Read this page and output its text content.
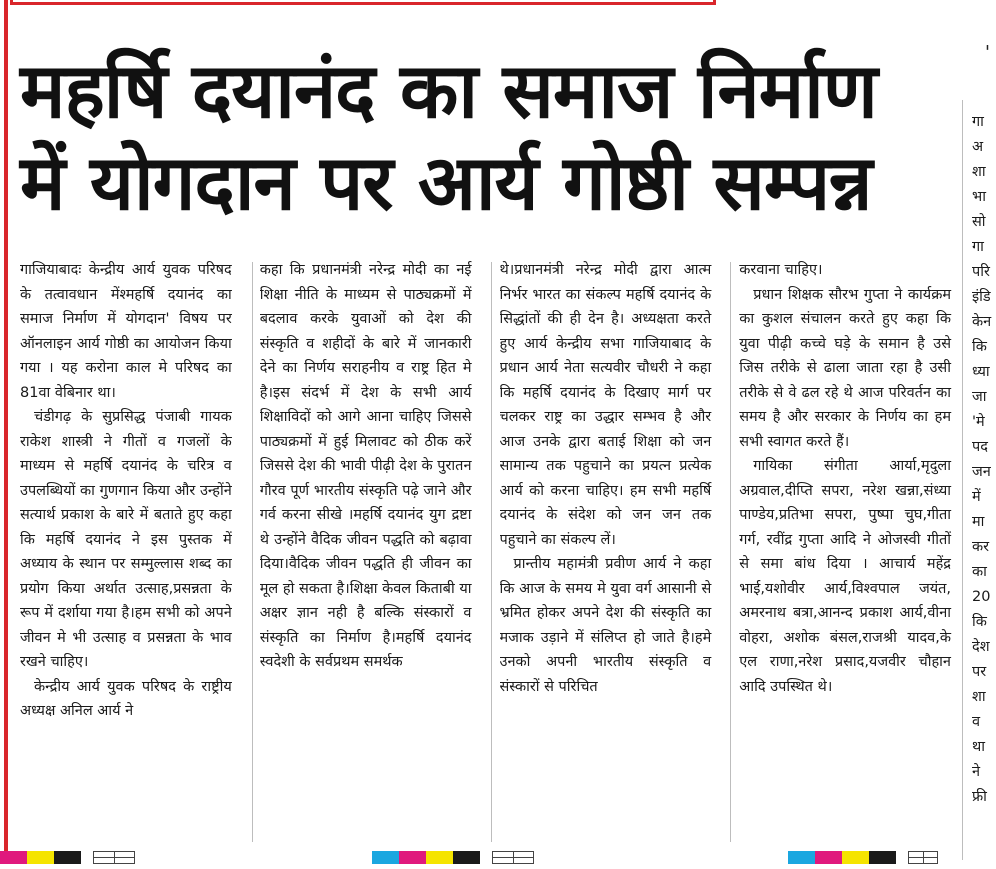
'
महर्षि दयानंद का समाज निर्माण
में योगदान पर आर्य गोष्ठी सम्पन्न

गाजियाबादः केन्द्रीय आर्य युवक परिषद के तत्वावधान मेंश्महर्षि दयानंद का समाज निर्माण में योगदान' विषय पर ऑनलाइन आर्य गोष्ठी का आयोजन किया गया । यह करोना काल मे परिषद का 81वा वेबिनार था।

चंडीगढ़ के सुप्रसिद्ध पंजाबी गायक राकेश शास्त्री ने गीतों व गजलों के माध्यम से महर्षि दयानंद के चरित्र व उपलब्धियों का गुणगान किया और उन्होंने सत्यार्थ प्रकाश के बारे में बताते हुए कहा कि महर्षि दयानंद ने इस पुस्तक में अध्याय के स्थान पर सम्मुल्लास शब्द का प्रयोग किया अर्थात उत्साह,प्रसन्नता के रूप में दर्शाया गया है।हम सभी को अपने जीवन मे भी उत्साह व प्रसन्नता के भाव रखने चाहिए।

केन्द्रीय आर्य युवक परिषद के राष्ट्रीय अध्यक्ष अनिल आर्य ने

कहा कि प्रधानमंत्री नरेन्द्र मोदी का नई शिक्षा नीति के माध्यम से पाठ्यक्रमों में बदलाव करके युवाओं को देश की संस्कृति व शहीदों के बारे में जानकारी देने का निर्णय सराहनीय व राष्ट्र हित मे है।इस संदर्भ में देश के सभी आर्य शिक्षाविदों को आगे आना चाहिए जिससे पाठ्यक्रमों में हुई मिलावट को ठीक करें जिससे देश की भावी पीढ़ी देश के पुरातन गौरव पूर्ण भारतीय संस्कृति पढ़े जाने और गर्व करना सीखे ।महर्षि दयानंद युग द्रष्टा थे उन्होंने वैदिक जीवन पद्धति को बढ़ावा दिया।वैदिक जीवन पद्धति ही जीवन का मूल हो सकता है।शिक्षा केवल किताबी या अक्षर ज्ञान नही है बल्कि संस्कारों व संस्कृति का निर्माण है।महर्षि दयानंद स्वदेशी के सर्वप्रथम समर्थक

थे।प्रधानमंत्री नरेन्द्र मोदी द्वारा आत्म निर्भर भारत का संकल्प महर्षि दयानंद के सिद्धांतों की ही देन है। अध्यक्षता करते हुए आर्य केन्द्रीय सभा गाजियाबाद के प्रधान आर्य नेता सत्यवीर चौधरी ने कहा कि महर्षि दयानंद के दिखाए मार्ग पर चलकर राष्ट्र का उद्धार सम्भव है और आज उनके द्वारा बताई शिक्षा को जन सामान्य तक पहुचाने का प्रयत्न प्रत्येक आर्य को करना चाहिए। हम सभी महर्षि दयानंद के संदेश को जन जन तक पहुचाने का संकल्प लें।

प्रान्तीय महामंत्री प्रवीण आर्य ने कहा कि आज के समय मे युवा वर्ग आसानी से भ्रमित होकर अपने देश की संस्कृति का मजाक उड़ाने में संलिप्त हो जाते है।हमे उनको अपनी भारतीय संस्कृति व संस्कारों से परिचित

करवाना चाहिए।

प्रधान शिक्षक सौरभ गुप्ता ने कार्यक्रम का कुशल संचालन करते हुए कहा कि युवा पीढ़ी कच्चे घड़े के समान है उसे जिस तरीके से ढाला जाता रहा है उसी तरीके से वे ढल रहे थे आज परिवर्तन का समय है और सरकार के निर्णय का हम सभी स्वागत करते हैं।

गायिका संगीता आर्या,मृदुला अग्रवाल,दीप्ति सपरा, नरेश खन्ना,संध्या पाण्डेय,प्रतिभा सपरा, पुष्पा चुघ,गीता गर्ग, रवींद्र गुप्ता आदि ने ओजस्वी गीतों से समा बांध दिया । आचार्य महेंद्र भाई,यशोवीर आर्य,विश्वपाल जयंत, अमरनाथ बत्रा,आनन्द प्रकाश आर्य,वीना वोहरा, अशोक बंसल,राजश्री यादव,के एल राणा,नरेश प्रसाद,यजवीर चौहान आदि उपस्थित थे।

गा
अ
शा
भा
सो
गा
परि
इंडि
केन
कि
ध्या
जा
'मे
पद
जन
में
मा
कर
का
20
कि
देश
पर
शा
व
था
ने
फ्री
